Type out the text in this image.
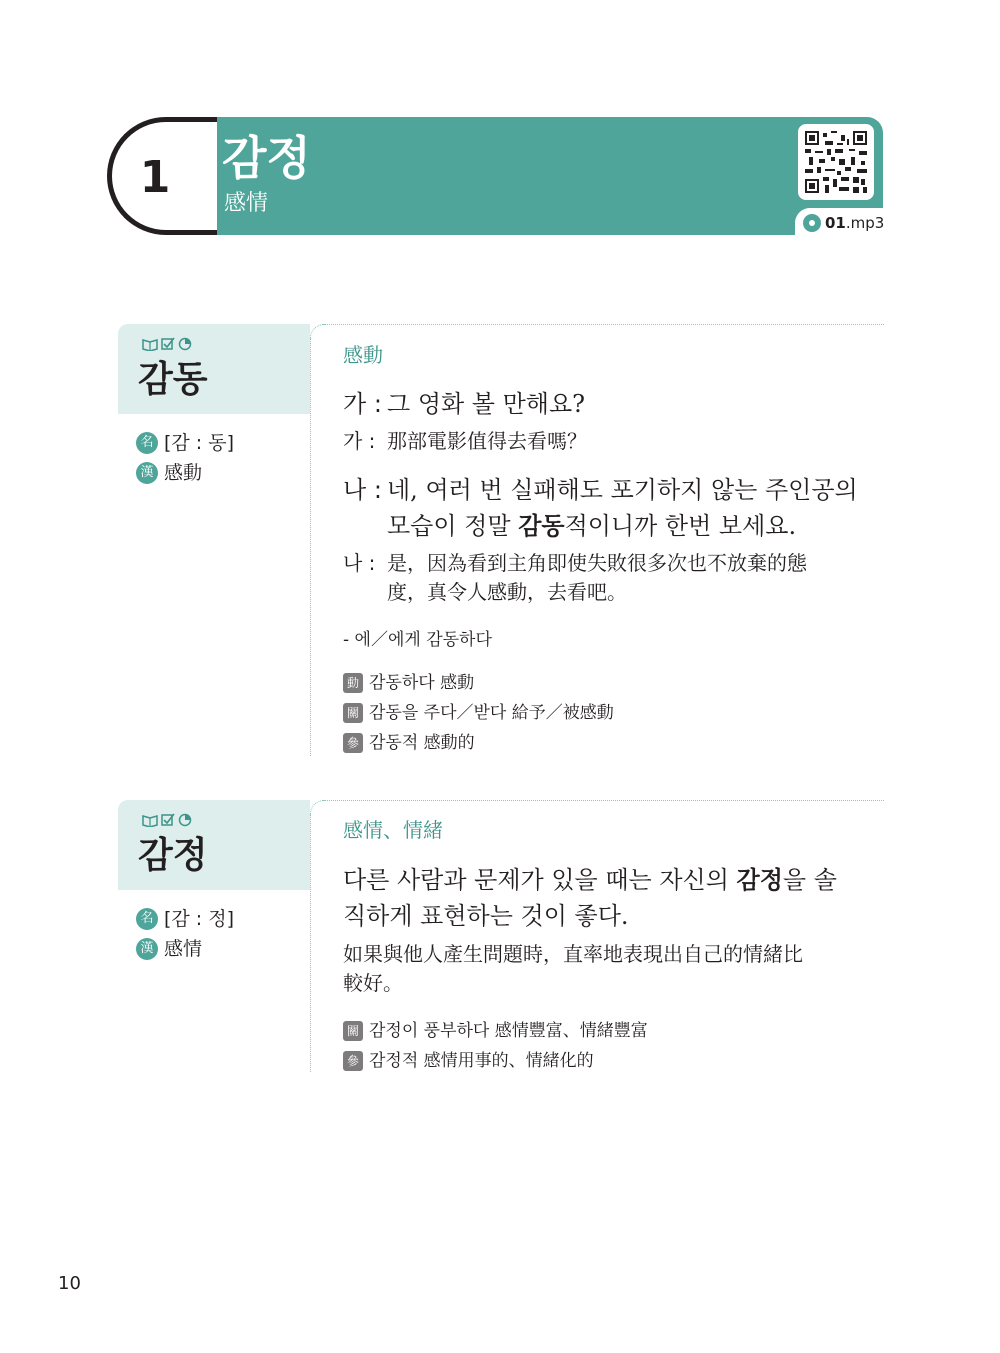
1 감정
感情
01.mp3
감동
名 [감 : 동]
漢 感動
感動
가 : 그 영화 볼 만해요?
가 : 那部電影值得去看嗎？
나 : 네, 여러 번 실패해도 포기하지 않는 주인공의
모습이 정말 감동적이니까 한번 보세요.
나 : 是，因為看到主角即使失敗很多次也不放棄的態
度，真令人感動，去看吧。
- 에／에게 감동하다
動 감동하다 感動
關 감동을 주다／받다 給予／被感動
參 감동적 感動的
감정
名 [감 : 정]
漢 感情
感情、情緒
다른 사람과 문제가 있을 때는 자신의 감정을 솔
직하게 표현하는 것이 좋다.
如果與他人產生問題時，直率地表現出自己的情緒比
較好。
關 감정이 풍부하다 感情豐富、情緒豐富
參 감정적 感情用事的、情緒化的
10
